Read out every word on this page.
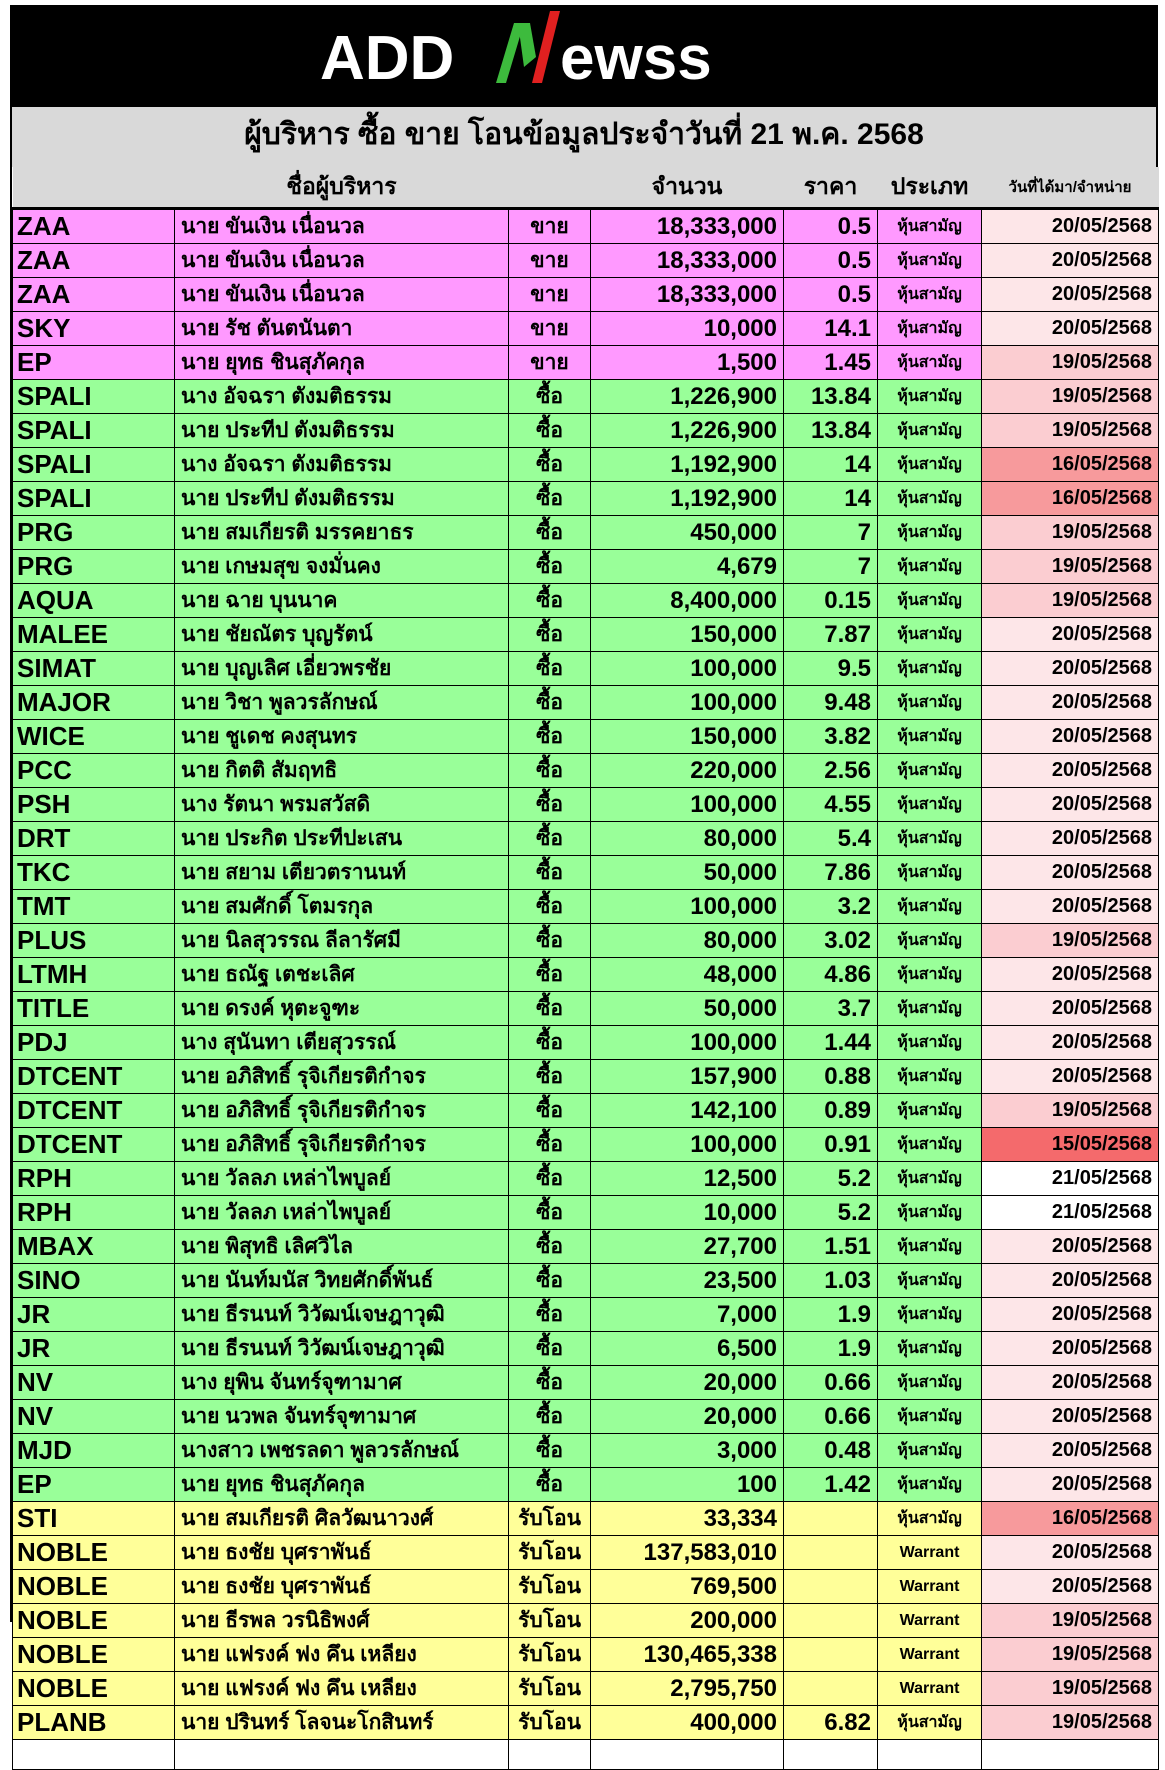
ADD ewss
ผู้บริหาร ซื้อ ขาย โอนข้อมูลประจำวันที่ 21 พ.ค. 2568
	ชื่อผู้บริหาร		จำนวน	ราคา	ประเภท	วันที่ได้มา/จำหน่าย
ZAA	นาย ขันเงิน เนื่อนวล	ขาย	18,333,000	0.5	หุ้นสามัญ	20/05/2568
ZAA	นาย ขันเงิน เนื่อนวล	ขาย	18,333,000	0.5	หุ้นสามัญ	20/05/2568
ZAA	นาย ขันเงิน เนื่อนวล	ขาย	18,333,000	0.5	หุ้นสามัญ	20/05/2568
SKY	นาย รัช ตันตนันตา	ขาย	10,000	14.1	หุ้นสามัญ	20/05/2568
EP	นาย ยุทธ ชินสุภัคกุล	ขาย	1,500	1.45	หุ้นสามัญ	19/05/2568
SPALI	นาง อัจฉรา ตังมติธรรม	ซื้อ	1,226,900	13.84	หุ้นสามัญ	19/05/2568
SPALI	นาย ประทีป ตังมติธรรม	ซื้อ	1,226,900	13.84	หุ้นสามัญ	19/05/2568
SPALI	นาง อัจฉรา ตังมติธรรม	ซื้อ	1,192,900	14	หุ้นสามัญ	16/05/2568
SPALI	นาย ประทีป ตังมติธรรม	ซื้อ	1,192,900	14	หุ้นสามัญ	16/05/2568
PRG	นาย สมเกียรติ มรรคยาธร	ซื้อ	450,000	7	หุ้นสามัญ	19/05/2568
PRG	นาย เกษมสุข จงมั่นคง	ซื้อ	4,679	7	หุ้นสามัญ	19/05/2568
AQUA	นาย ฉาย บุนนาค	ซื้อ	8,400,000	0.15	หุ้นสามัญ	19/05/2568
MALEE	นาย ชัยณัตร บุญรัตน์	ซื้อ	150,000	7.87	หุ้นสามัญ	20/05/2568
SIMAT	นาย บุญเลิศ เอี่ยวพรชัย	ซื้อ	100,000	9.5	หุ้นสามัญ	20/05/2568
MAJOR	นาย วิชา พูลวรลักษณ์	ซื้อ	100,000	9.48	หุ้นสามัญ	20/05/2568
WICE	นาย ชูเดช คงสุนทร	ซื้อ	150,000	3.82	หุ้นสามัญ	20/05/2568
PCC	นาย กิตติ สัมฤทธิ	ซื้อ	220,000	2.56	หุ้นสามัญ	20/05/2568
PSH	นาง รัตนา พรมสวัสดิ	ซื้อ	100,000	4.55	หุ้นสามัญ	20/05/2568
DRT	นาย ประกิต ประทีปะเสน	ซื้อ	80,000	5.4	หุ้นสามัญ	20/05/2568
TKC	นาย สยาม เตียวตรานนท์	ซื้อ	50,000	7.86	หุ้นสามัญ	20/05/2568
TMT	นาย สมศักดิ์ โตมรกุล	ซื้อ	100,000	3.2	หุ้นสามัญ	20/05/2568
PLUS	นาย นิลสุวรรณ ลีลารัศมี	ซื้อ	80,000	3.02	หุ้นสามัญ	19/05/2568
LTMH	นาย ธณัฐ เตชะเลิศ	ซื้อ	48,000	4.86	หุ้นสามัญ	20/05/2568
TITLE	นาย ดรงค์ หุตะจูฑะ	ซื้อ	50,000	3.7	หุ้นสามัญ	20/05/2568
PDJ	นาง สุนันทา เตียสุวรรณ์	ซื้อ	100,000	1.44	หุ้นสามัญ	20/05/2568
DTCENT	นาย อภิสิทธิ์ รุจิเกียรติกำจร	ซื้อ	157,900	0.88	หุ้นสามัญ	20/05/2568
DTCENT	นาย อภิสิทธิ์ รุจิเกียรติกำจร	ซื้อ	142,100	0.89	หุ้นสามัญ	19/05/2568
DTCENT	นาย อภิสิทธิ์ รุจิเกียรติกำจร	ซื้อ	100,000	0.91	หุ้นสามัญ	15/05/2568
RPH	นาย วัลลภ เหล่าไพบูลย์	ซื้อ	12,500	5.2	หุ้นสามัญ	21/05/2568
RPH	นาย วัลลภ เหล่าไพบูลย์	ซื้อ	10,000	5.2	หุ้นสามัญ	21/05/2568
MBAX	นาย พิสุทธิ เลิศวิไล	ซื้อ	27,700	1.51	หุ้นสามัญ	20/05/2568
SINO	นาย นันท์มนัส วิทยศักดิ์พันธ์	ซื้อ	23,500	1.03	หุ้นสามัญ	20/05/2568
JR	นาย ธีรนนท์ วิวัฒน์เจษฎาวุฒิ	ซื้อ	7,000	1.9	หุ้นสามัญ	20/05/2568
JR	นาย ธีรนนท์ วิวัฒน์เจษฎาวุฒิ	ซื้อ	6,500	1.9	หุ้นสามัญ	20/05/2568
NV	นาง ยุพิน จันทร์จุฑามาศ	ซื้อ	20,000	0.66	หุ้นสามัญ	20/05/2568
NV	นาย นวพล จันทร์จุฑามาศ	ซื้อ	20,000	0.66	หุ้นสามัญ	20/05/2568
MJD	นางสาว เพชรลดา พูลวรลักษณ์	ซื้อ	3,000	0.48	หุ้นสามัญ	20/05/2568
EP	นาย ยุทธ ชินสุภัคกุล	ซื้อ	100	1.42	หุ้นสามัญ	20/05/2568
STI	นาย สมเกียรติ ศิลวัฒนาวงศ์	รับโอน	33,334		หุ้นสามัญ	16/05/2568
NOBLE	นาย ธงชัย บุศราพันธ์	รับโอน	137,583,010		Warrant	20/05/2568
NOBLE	นาย ธงชัย บุศราพันธ์	รับโอน	769,500		Warrant	20/05/2568
NOBLE	นาย ธีรพล วรนิธิพงศ์	รับโอน	200,000		Warrant	19/05/2568
NOBLE	นาย แฟรงค์ ฟง คึน เหลียง	รับโอน	130,465,338		Warrant	19/05/2568
NOBLE	นาย แฟรงค์ ฟง คึน เหลียง	รับโอน	2,795,750		Warrant	19/05/2568
PLANB	นาย ปรินทร์ โลจนะโกสินทร์	รับโอน	400,000	6.82	หุ้นสามัญ	19/05/2568
